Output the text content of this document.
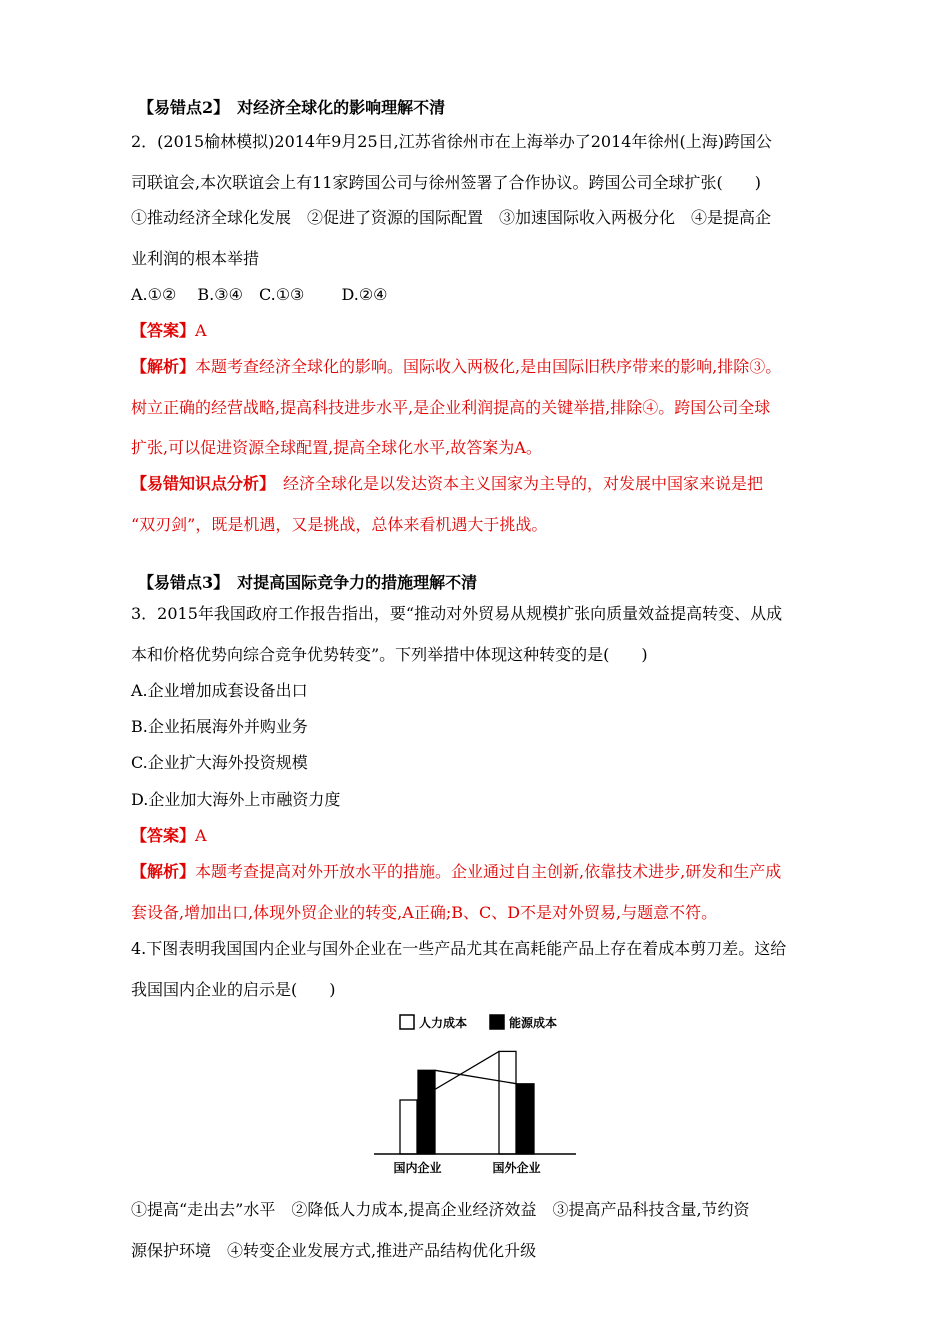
【易错点2】　对经济全球化的影响理解不清
2．(2015榆林模拟)2014年9月25日,江苏省徐州市在上海举办了2014年徐州(上海)跨国公
司联谊会,本次联谊会上有11家跨国公司与徐州签署了合作协议。跨国公司全球扩张(　　)
①推动经济全球化发展　②促进了资源的国际配置　③加速国际收入两极分化　④是提高企
业利润的根本举措
A.①②　 B.③④　C.①③　　 D.②④
【答案】A
【解析】本题考查经济全球化的影响。国际收入两极化,是由国际旧秩序带来的影响,排除③。
树立正确的经营战略,提高科技进步水平,是企业利润提高的关键举措,排除④。跨国公司全球
扩张,可以促进资源全球配置,提高全球化水平,故答案为A。
【易错知识点分析】　经济全球化是以发达资本主义国家为主导的，对发展中国家来说是把
“双刃剑”，既是机遇，又是挑战，总体来看机遇大于挑战。
【易错点3】　对提高国际竞争力的措施理解不清
3．2015年我国政府工作报告指出，要“推动对外贸易从规模扩张向质量效益提高转变、从成
本和价格优势向综合竞争优势转变”。下列举措中体现这种转变的是(　　)
A.企业增加成套设备出口
B.企业拓展海外并购业务
C.企业扩大海外投资规模
D.企业加大海外上市融资力度
【答案】A
【解析】本题考查提高对外开放水平的措施。企业通过自主创新,依靠技术进步,研发和生产成
套设备,增加出口,体现外贸企业的转变,A正确;B、C、D不是对外贸易,与题意不符。
4.下图表明我国国内企业与国外企业在一些产品尤其在高耗能产品上存在着成本剪刀差。这给
我国国内企业的启示是(　　)
人力成本	能源成本
国内企业	国外企业
①提高“走出去”水平　②降低人力成本,提高企业经济效益　③提高产品科技含量,节约资
源保护环境　④转变企业发展方式,推进产品结构优化升级
